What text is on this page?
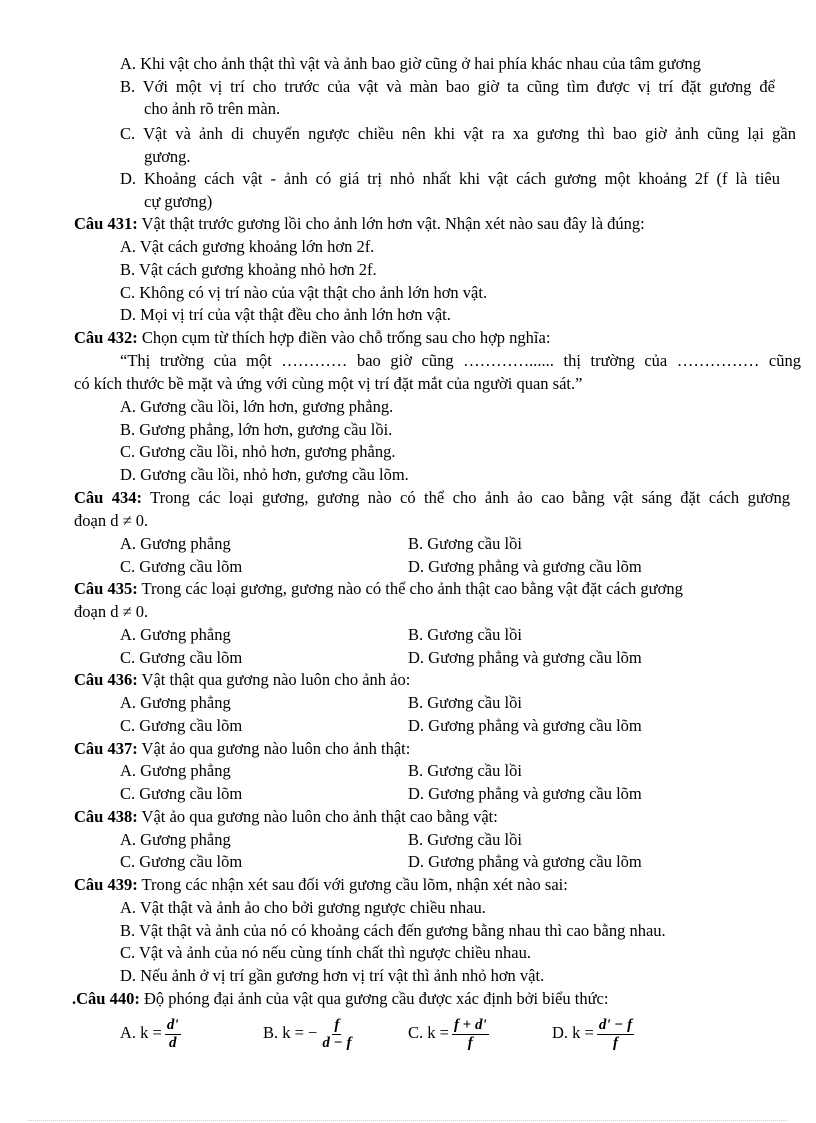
A. Khi vật cho ảnh thật thì vật và ảnh bao giờ cũng ở hai phía khác nhau của tâm gương
B. Với một vị trí cho trước của vật và màn bao giờ ta cũng tìm được vị trí đặt gương để
cho ảnh rõ trên màn.
C. Vật và ảnh di chuyển ngược chiều nên khi vật ra xa gương thì bao giờ ảnh cũng lại gần
gương.
D. Khoảng cách vật - ảnh có giá trị nhỏ nhất khi vật cách gương một khoảng 2f (f là tiêu
cự gương)
Câu 431: Vật thật trước gương lồi cho ảnh lớn hơn vật. Nhận xét nào sau đây là đúng:
A. Vật cách gương khoảng lớn hơn 2f.
B. Vật cách gương khoảng nhỏ hơn 2f.
C. Không có vị trí nào của vật thật cho ảnh lớn hơn vật.
D. Mọi vị trí của vật thật đều cho ảnh lớn hơn vật.
Câu 432: Chọn cụm từ thích hợp điền vào chỗ trống sau cho hợp nghĩa:
“Thị trường của một ………… bao giờ cũng …………...... thị trường của …………… cũng
có kích thước bề mặt và ứng với cùng một vị trí đặt mắt của người quan sát.”
A. Gương cầu lồi, lớn hơn, gương phẳng.
B. Gương phẳng, lớn hơn, gương cầu lồi.
C. Gương cầu lồi, nhỏ hơn, gương phẳng.
D. Gương cầu lồi, nhỏ hơn, gương cầu lõm.
Câu 434: Trong các loại gương, gương nào có thể cho ảnh ảo cao bằng vật sáng đặt cách gương
đoạn d ≠ 0.
A. Gương phẳng	B. Gương cầu lồi
C. Gương cầu lõm	D. Gương phẳng và gương cầu lõm
Câu 435: Trong các loại gương, gương nào có thể cho ảnh thật cao bằng vật đặt cách gương
đoạn d ≠ 0.
A. Gương phẳng	B. Gương cầu lồi
C. Gương cầu lõm	D. Gương phẳng và gương cầu lõm
Câu 436: Vật thật qua gương nào luôn cho ảnh ảo:
A. Gương phẳng	B. Gương cầu lồi
C. Gương cầu lõm	D. Gương phẳng và gương cầu lõm
Câu 437: Vật ảo qua gương nào luôn cho ảnh thật:
A. Gương phẳng	B. Gương cầu lồi
C. Gương cầu lõm	D. Gương phẳng và gương cầu lõm
Câu 438: Vật ảo qua gương nào luôn cho ảnh thật cao bằng vật:
A. Gương phẳng	B. Gương cầu lồi
C. Gương cầu lõm	D. Gương phẳng và gương cầu lõm
Câu 439: Trong các nhận xét sau đối với gương cầu lõm, nhận xét nào sai:
A. Vật thật và ảnh ảo cho bởi gương ngược chiều nhau.
B. Vật thật và ảnh của nó có khoảng cách đến gương bằng nhau thì cao bằng nhau.
C. Vật và ảnh của nó nếu cùng tính chất thì ngược chiều nhau.
D. Nếu ảnh ở vị trí gần gương hơn vị trí vật thì ảnh nhỏ hơn vật.
.Câu 440: Độ phóng đại ảnh của vật qua gương cầu được xác định bởi biểu thức:
A. $k = \frac{d'}{d}$	B. k = − $\frac{f}{d - f}$	C. $k = \frac{f + d'}{f}$	D. $k = \frac{d' - f}{f}$
